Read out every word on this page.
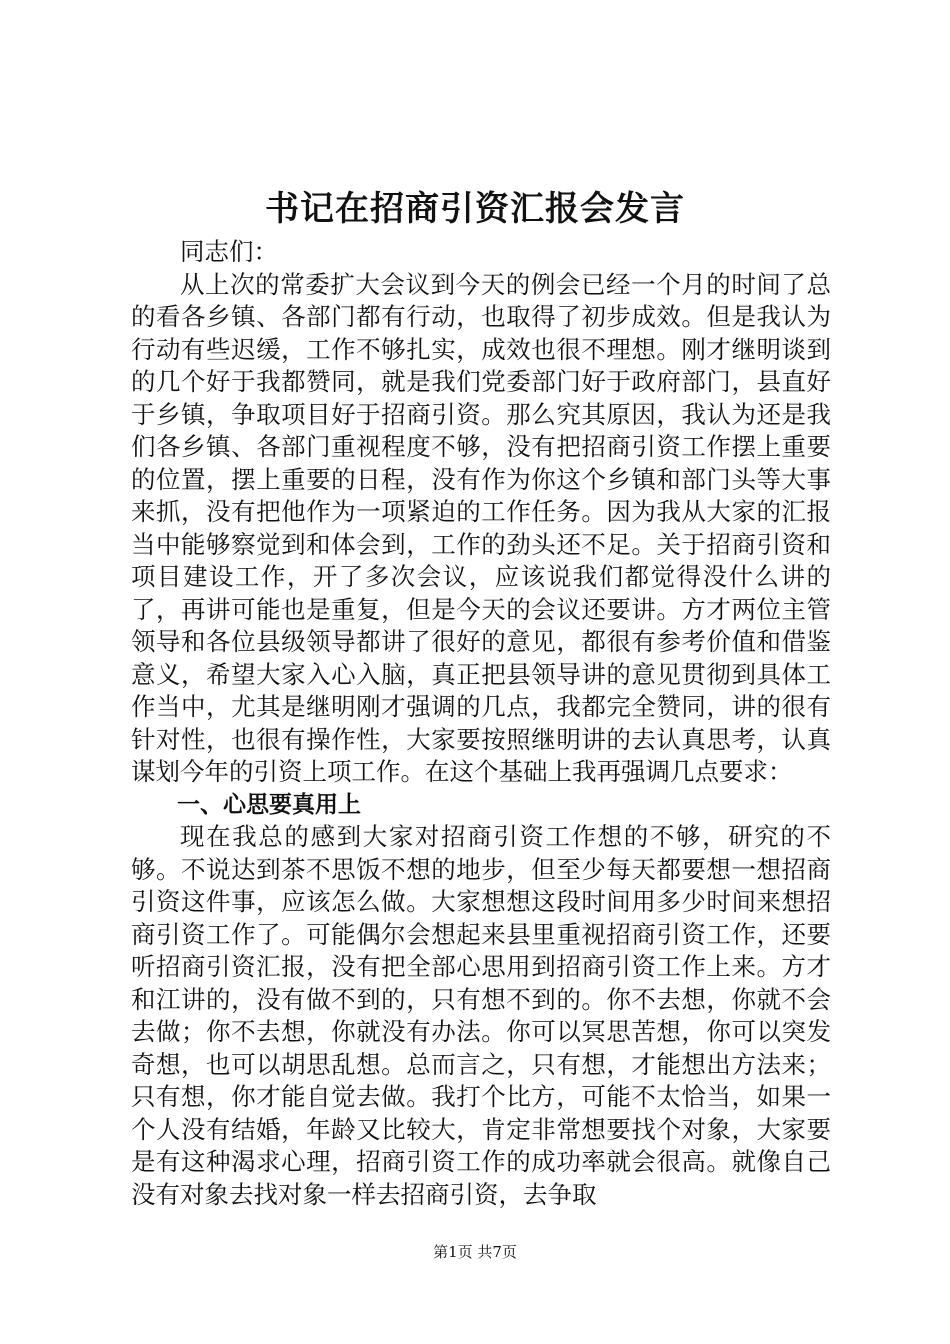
书记在招商引资汇报会发言

同志们：

从上次的常委扩大会议到今天的例会已经一个月的时间了总的看各乡镇、各部门都有行动，也取得了初步成效。但是我认为行动有些迟缓，工作不够扎实，成效也很不理想。刚才继明谈到的几个好于我都赞同，就是我们党委部门好于政府部门，县直好于乡镇，争取项目好于招商引资。那么究其原因，我认为还是我们各乡镇、各部门重视程度不够，没有把招商引资工作摆上重要的位置，摆上重要的日程，没有作为你这个乡镇和部门头等大事来抓，没有把他作为一项紧迫的工作任务。因为我从大家的汇报当中能够察觉到和体会到，工作的劲头还不足。关于招商引资和项目建设工作，开了多次会议，应该说我们都觉得没什么讲的了，再讲可能也是重复，但是今天的会议还要讲。方才两位主管领导和各位县级领导都讲了很好的意见，都很有参考价值和借鉴意义，希望大家入心入脑，真正把县领导讲的意见贯彻到具体工作当中，尤其是继明刚才强调的几点，我都完全赞同，讲的很有针对性，也很有操作性，大家要按照继明讲的去认真思考，认真谋划今年的引资上项工作。在这个基础上我再强调几点要求：

一、心思要真用上

现在我总的感到大家对招商引资工作想的不够，研究的不够。不说达到茶不思饭不想的地步，但至少每天都要想一想招商引资这件事，应该怎么做。大家想想这段时间用多少时间来想招商引资工作了。可能偶尔会想起来县里重视招商引资工作，还要听招商引资汇报，没有把全部心思用到招商引资工作上来。方才和江讲的，没有做不到的，只有想不到的。你不去想，你就不会去做；你不去想，你就没有办法。你可以冥思苦想，你可以突发奇想，也可以胡思乱想。总而言之，只有想，才能想出方法来；只有想，你才能自觉去做。我打个比方，可能不太恰当，如果一个人没有结婚，年龄又比较大，肯定非常想要找个对象，大家要是有这种渴求心理，招商引资工作的成功率就会很高。就像自己没有对象去找对象一样去招商引资，去争取

第1页 共7页
